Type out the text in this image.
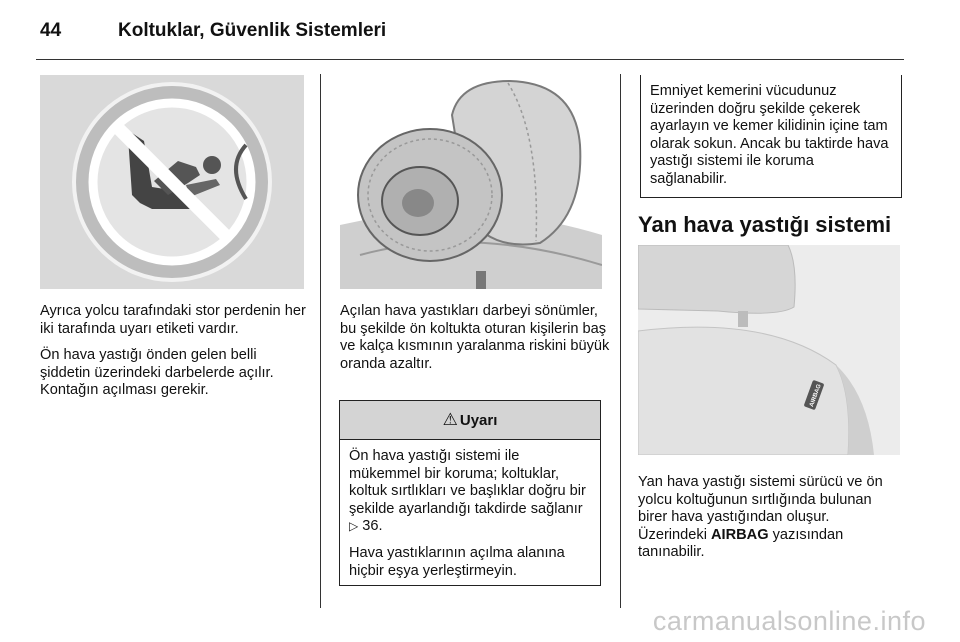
44	Koltuklar, Güvenlik Sistemleri

Ayrıca yolcu tarafındaki stor perdenin her iki tarafında uyarı etiketi vardır.

Ön hava yastığı önden gelen belli şiddetin üzerindeki darbelerde açılır. Kontağın açılması gerekir.

Açılan hava yastıkları darbeyi sönümler, bu şekilde ön koltukta oturan kişilerin baş ve kalça kısmının yaralanma riskini büyük oranda azaltır.

⚠ Uyarı

Ön hava yastığı sistemi ile mükemmel bir koruma; koltuklar, koltuk sırtlıkları ve başlıklar doğru bir şekilde ayarlandığı takdirde sağlanır ▷ 36.

Hava yastıklarının açılma alanına hiçbir eşya yerleştirmeyin.

Emniyet kemerini vücudunuz üzerinden doğru şekilde çekerek ayarlayın ve kemer kilidinin içine tam olarak sokun. Ancak bu taktirde hava yastığı sistemi ile koruma sağlanabilir.
Yan hava yastığı sistemi
AIRBAG

Yan hava yastığı sistemi sürücü ve ön yolcu koltuğunun sırtlığında bulunan birer hava yastığından oluşur. Üzerindeki AIRBAG yazısından tanınabilir.

carmanualsonline.info
